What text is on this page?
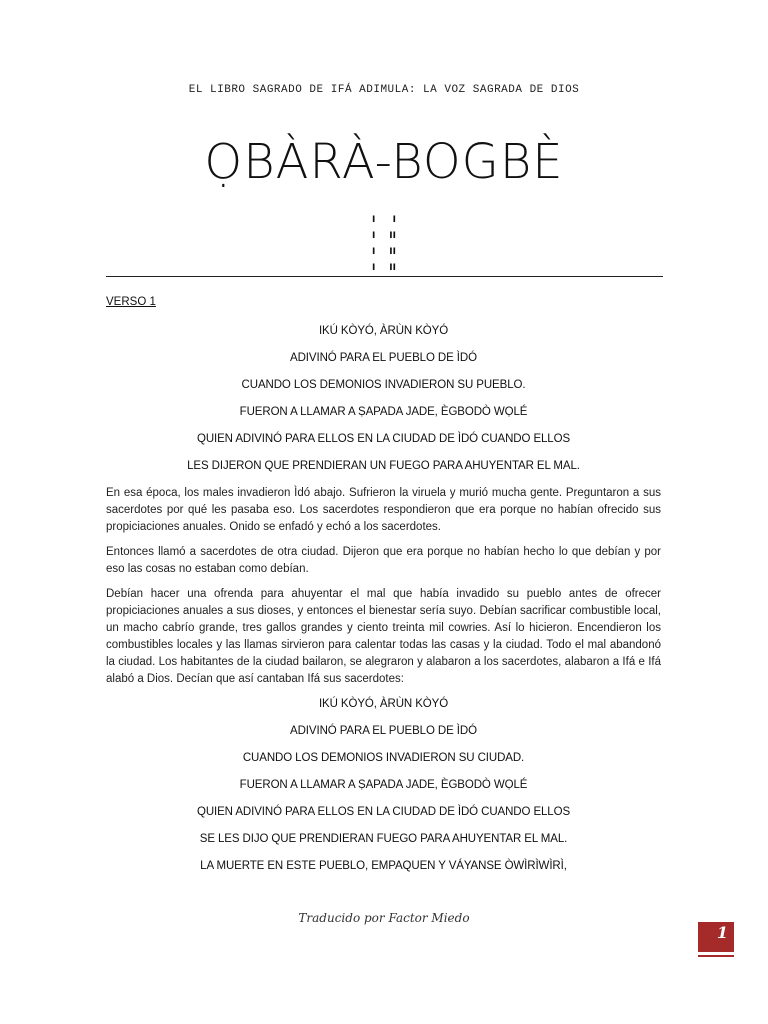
EL LIBRO SAGRADO DE IFÁ ADIMULA: LA VOZ SAGRADA DE DIOS
ỌBÀRÀ-BOGBÈ
I I
I II
I II
I II
VERSO 1
IKÚ KÒYÓ, ÀRÙN KÒYÓ
ADIVINÓ PARA EL PUEBLO DE ÌDÓ
CUANDO LOS DEMONIOS INVADIERON SU PUEBLO.
FUERON A LLAMAR A ṢAPADA JADE, ÈGBODÒ WỌLÉ
QUIEN ADIVINÓ PARA ELLOS EN LA CIUDAD DE ÌDÓ CUANDO ELLOS
LES DIJERON QUE PRENDIERAN UN FUEGO PARA AHUYENTAR EL MAL.

En esa época, los males invadieron Ìdó abajo. Sufrieron la viruela y murió mucha gente. Preguntaron a sus sacerdotes por qué les pasaba eso. Los sacerdotes respondieron que era porque no habían ofrecido sus propiciaciones anuales. Onido se enfadó y echó a los sacerdotes.

Entonces llamó a sacerdotes de otra ciudad. Dijeron que era porque no habían hecho lo que debían y por eso las cosas no estaban como debían.

Debían hacer una ofrenda para ahuyentar el mal que había invadido su pueblo antes de ofrecer propiciaciones anuales a sus dioses, y entonces el bienestar sería suyo. Debían sacrificar combustible local, un macho cabrío grande, tres gallos grandes y ciento treinta mil cowries. Así lo hicieron. Encendieron los combustibles locales y las llamas sirvieron para calentar todas las casas y la ciudad. Todo el mal abandonó la ciudad. Los habitantes de la ciudad bailaron, se alegraron y alabaron a los sacerdotes, alabaron a Ifá e Ifá alabó a Dios. Decían que así cantaban Ifá sus sacerdotes:

IKÚ KÒYÓ, ÀRÙN KÒYÓ
ADIVINÓ PARA EL PUEBLO DE ÌDÓ
CUANDO LOS DEMONIOS INVADIERON SU CIUDAD.
FUERON A LLAMAR A ṢAPADA JADE, ÈGBODÒ WỌLÉ
QUIEN ADIVINÓ PARA ELLOS EN LA CIUDAD DE ÌDÓ CUANDO ELLOS
SE LES DIJO QUE PRENDIERAN FUEGO PARA AHUYENTAR EL MAL.
LA MUERTE EN ESTE PUEBLO, EMPAQUEN Y VÁYANSE ÒWÌRÌWÌRÌ,
Traducido por Factor Miedo
1
